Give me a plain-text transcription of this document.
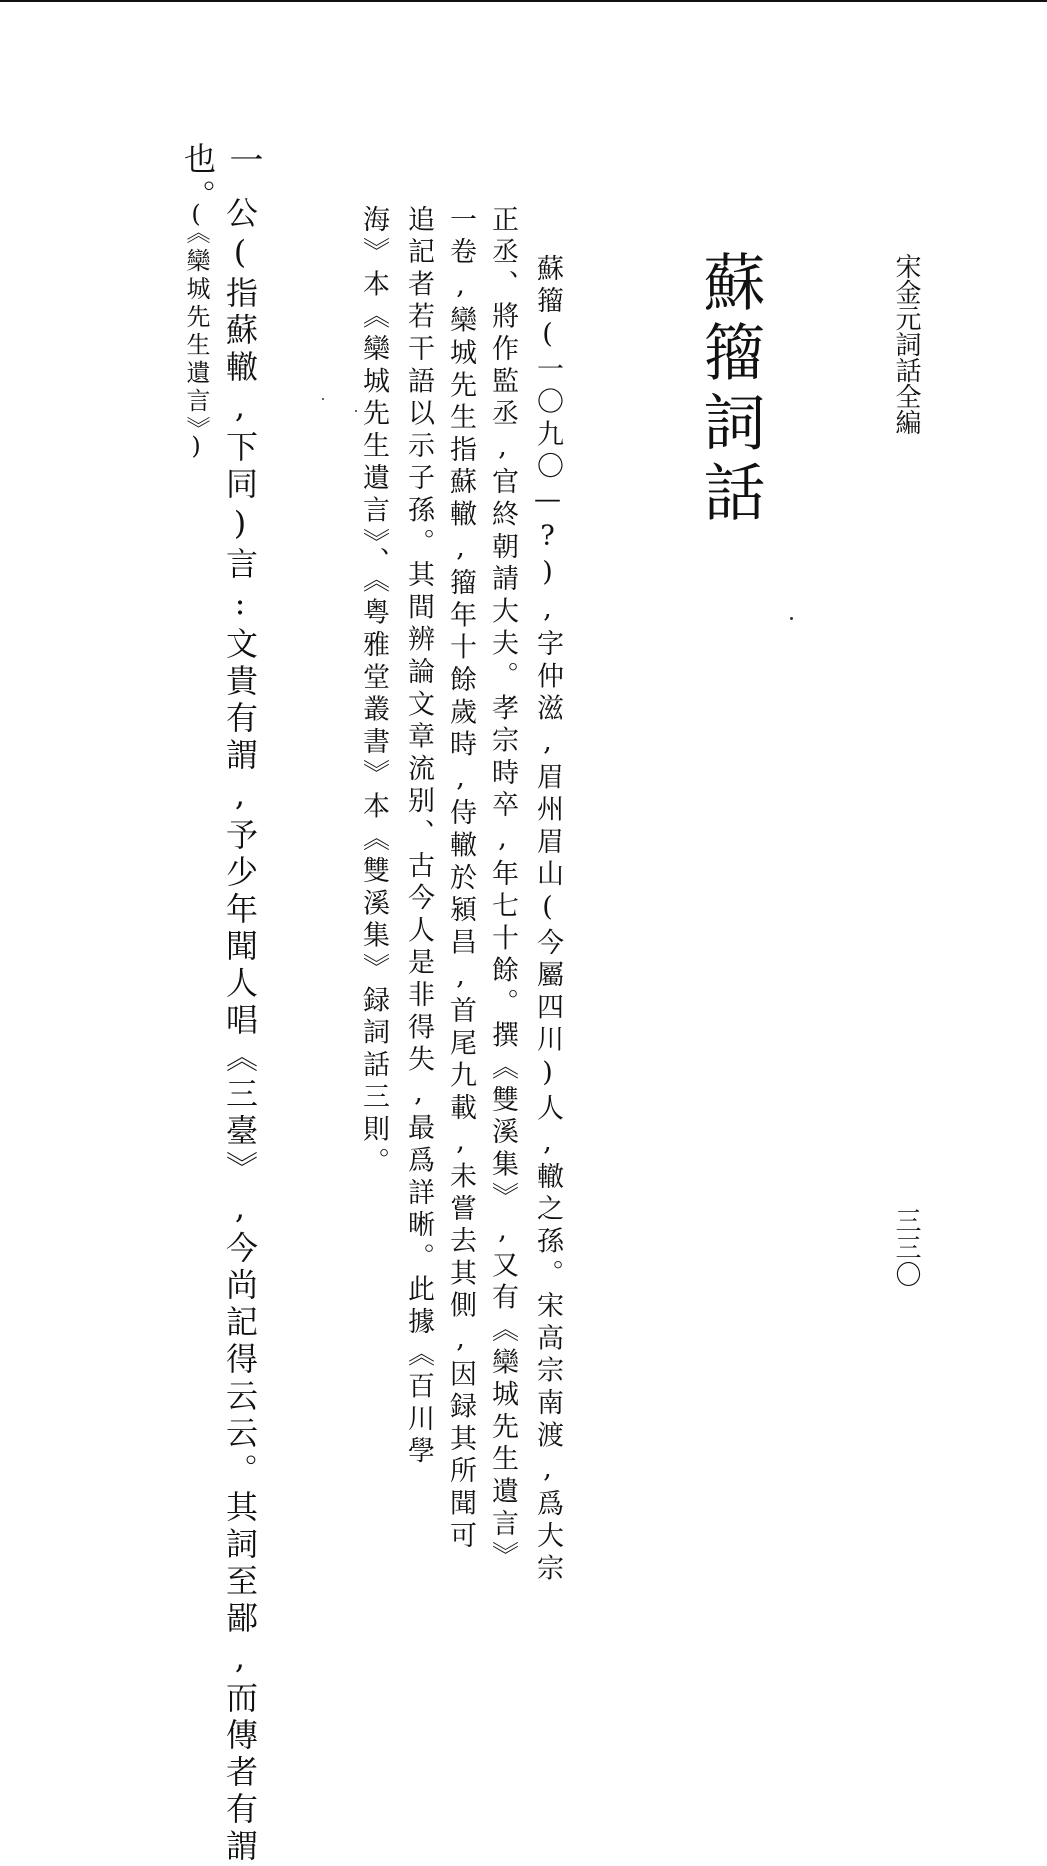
宋金元詞話全編
三三〇
蘇籀詞話
蘇籀(一〇九〇—?),字仲滋,眉州眉山(今屬四川)人,轍之孫。宋高宗南渡,爲大宗
正丞、將作監丞,官終朝請大夫。孝宗時卒,年七十餘。撰《雙溪集》,又有《欒城先生遺言》
一卷,欒城先生指蘇轍,籀年十餘歲時,侍轍於潁昌,首尾九載,未嘗去其側,因録其所聞可
追記者若干語以示子孫。其間辨論文章流别、古今人是非得失,最爲詳晰。此據《百川學
海》本《欒城先生遺言》、《粤雅堂叢書》本《雙溪集》録詞話三則。
一
公(指蘇轍,下同)言:文貴有謂,予少年聞人唱《三臺》,今尚記得云云。其詞至鄙,而傳者有謂
也。
(《欒城先生遺言》)
